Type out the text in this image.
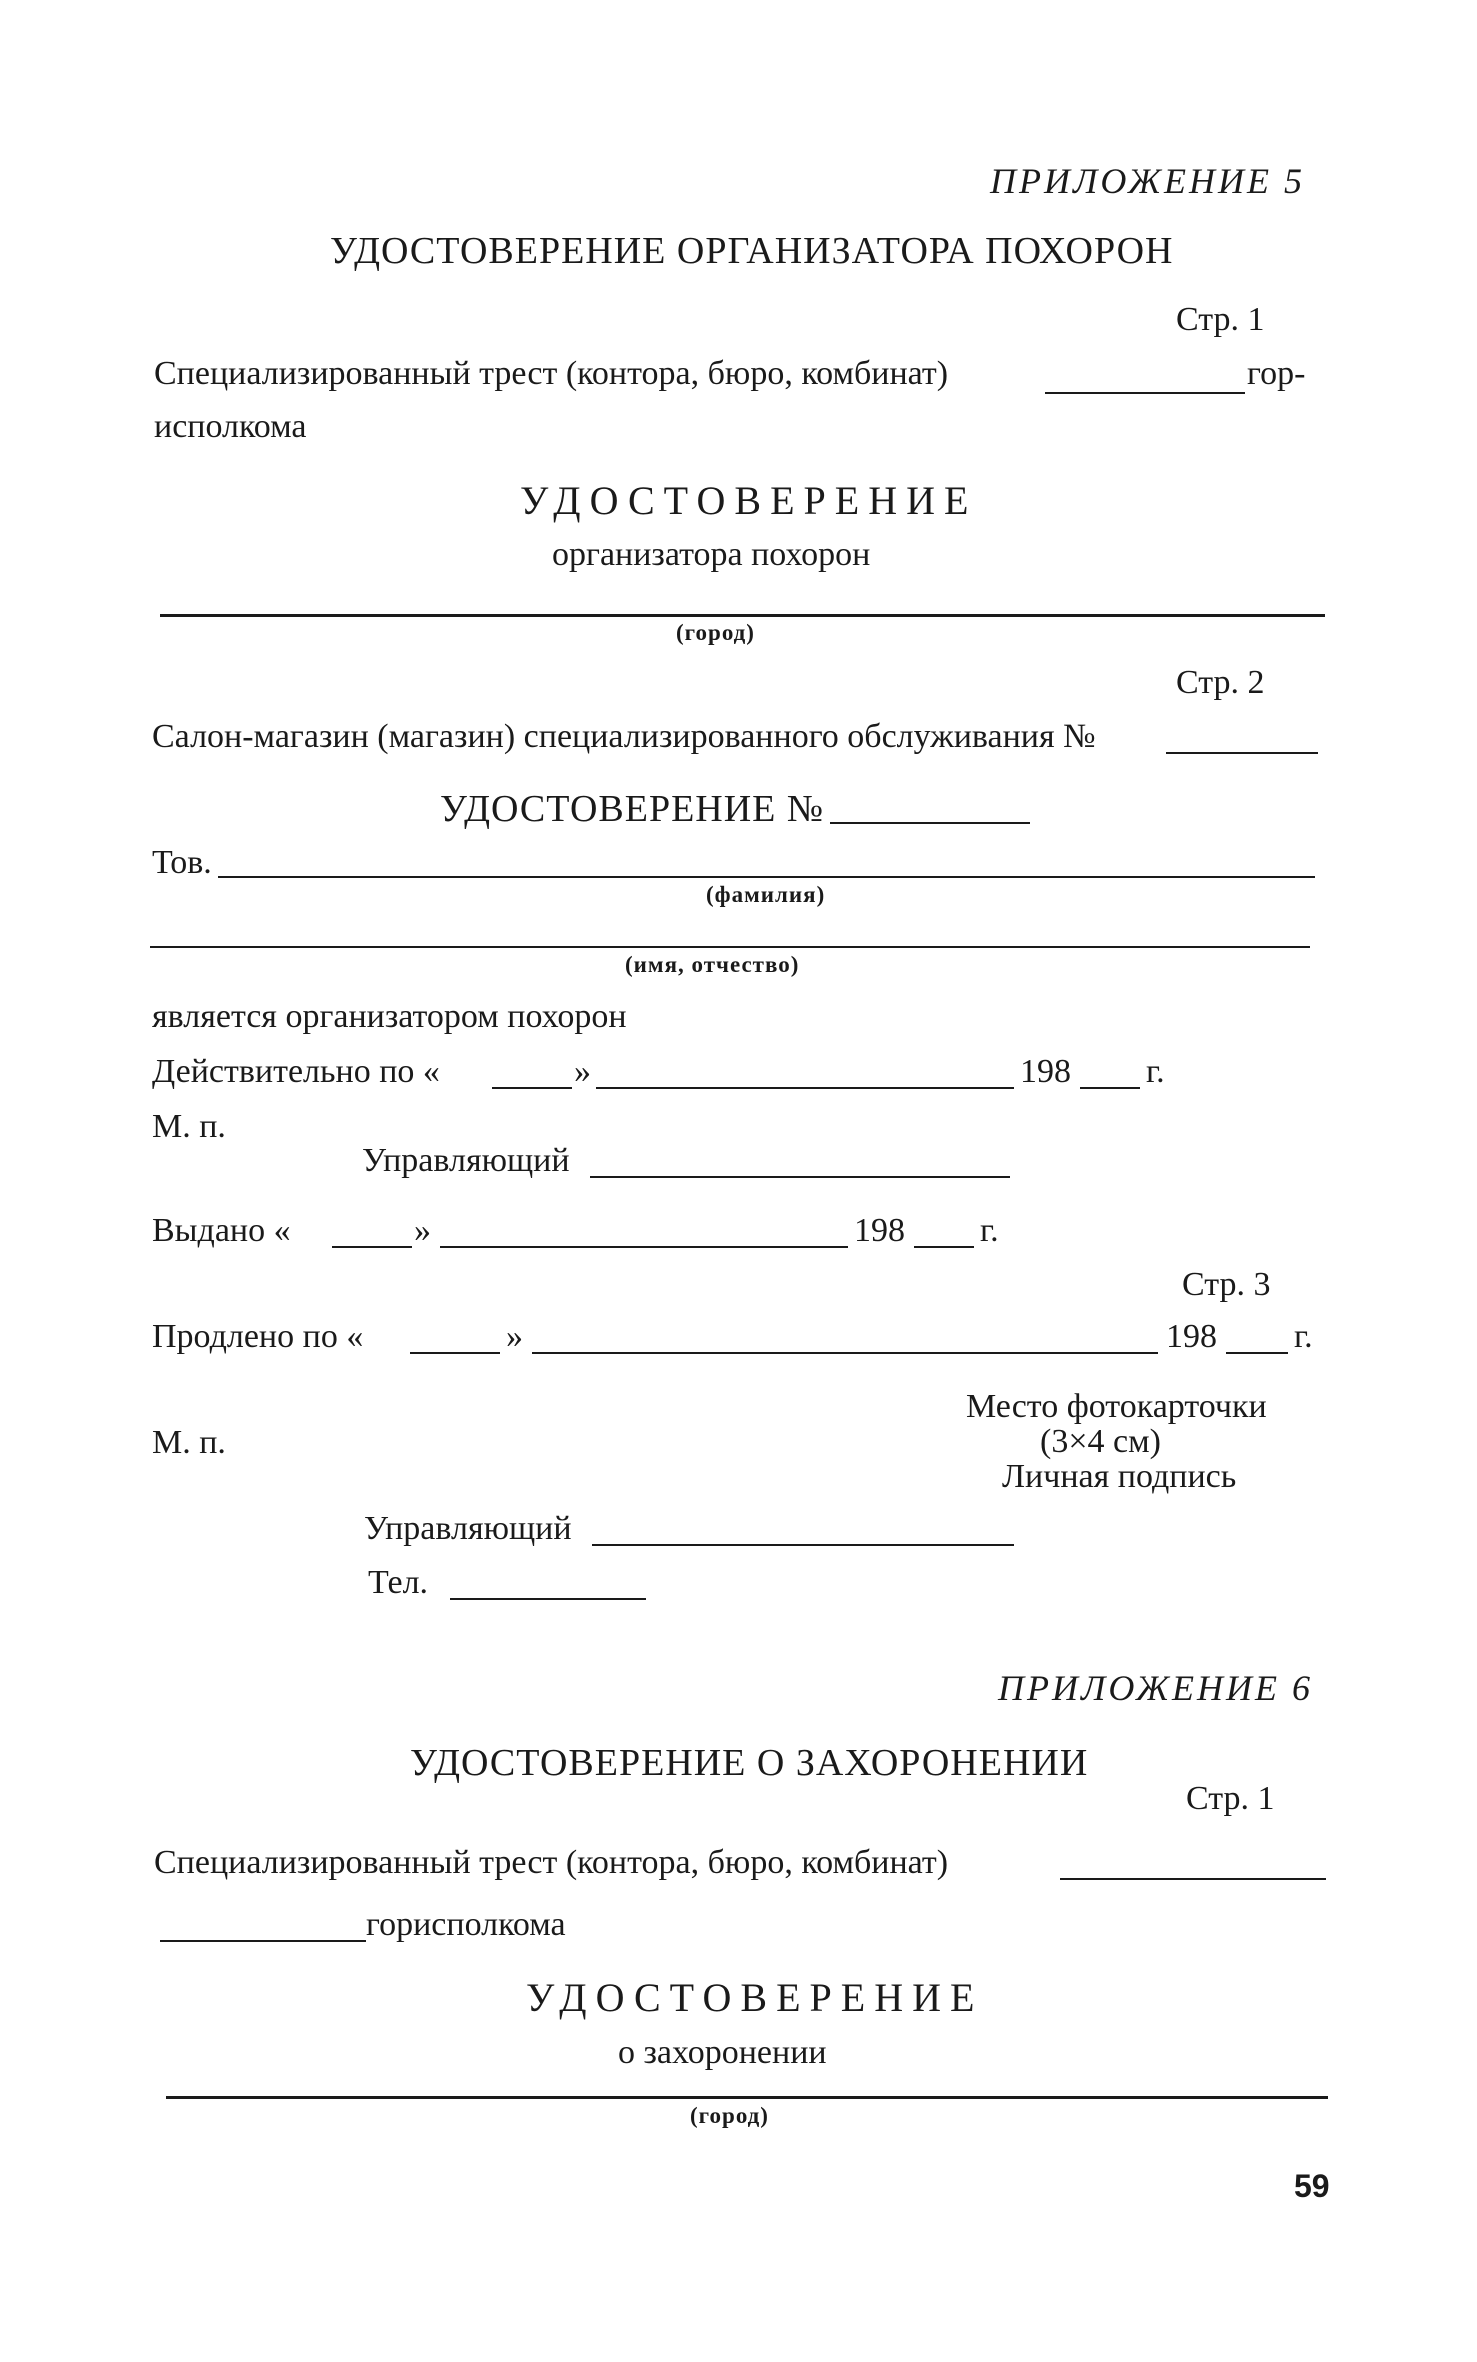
ПРИЛОЖЕНИЕ 5
УДОСТОВЕРЕНИЕ ОРГАНИЗАТОРА ПОХОРОН
Стр. 1
Специализированный трест (контора, бюро, комбинат)	гор-
исполкома
УДОСТОВЕРЕНИЕ
организатора похорон
(город)
Стр. 2
Салон-магазин (магазин) специализированного обслуживания №
УДОСТОВЕРЕНИЕ №
Тов.
(фамилия)
(имя, отчество)
является организатором похорон
Действительно по «	»	198 г.
М. п.
Управляющий
Выдано «	»	198 г.
Стр. 3
Продлено по «	»	198 г.
М. п.
Место фотокарточки
(3×4 см)
Личная подпись
Управляющий
Тел.
ПРИЛОЖЕНИЕ 6
УДОСТОВЕРЕНИЕ О ЗАХОРОНЕНИИ
Стр. 1
Специализированный трест (контора, бюро, комбинат)
горисполкома
УДОСТОВЕРЕНИЕ
о захоронении
(город)
59
